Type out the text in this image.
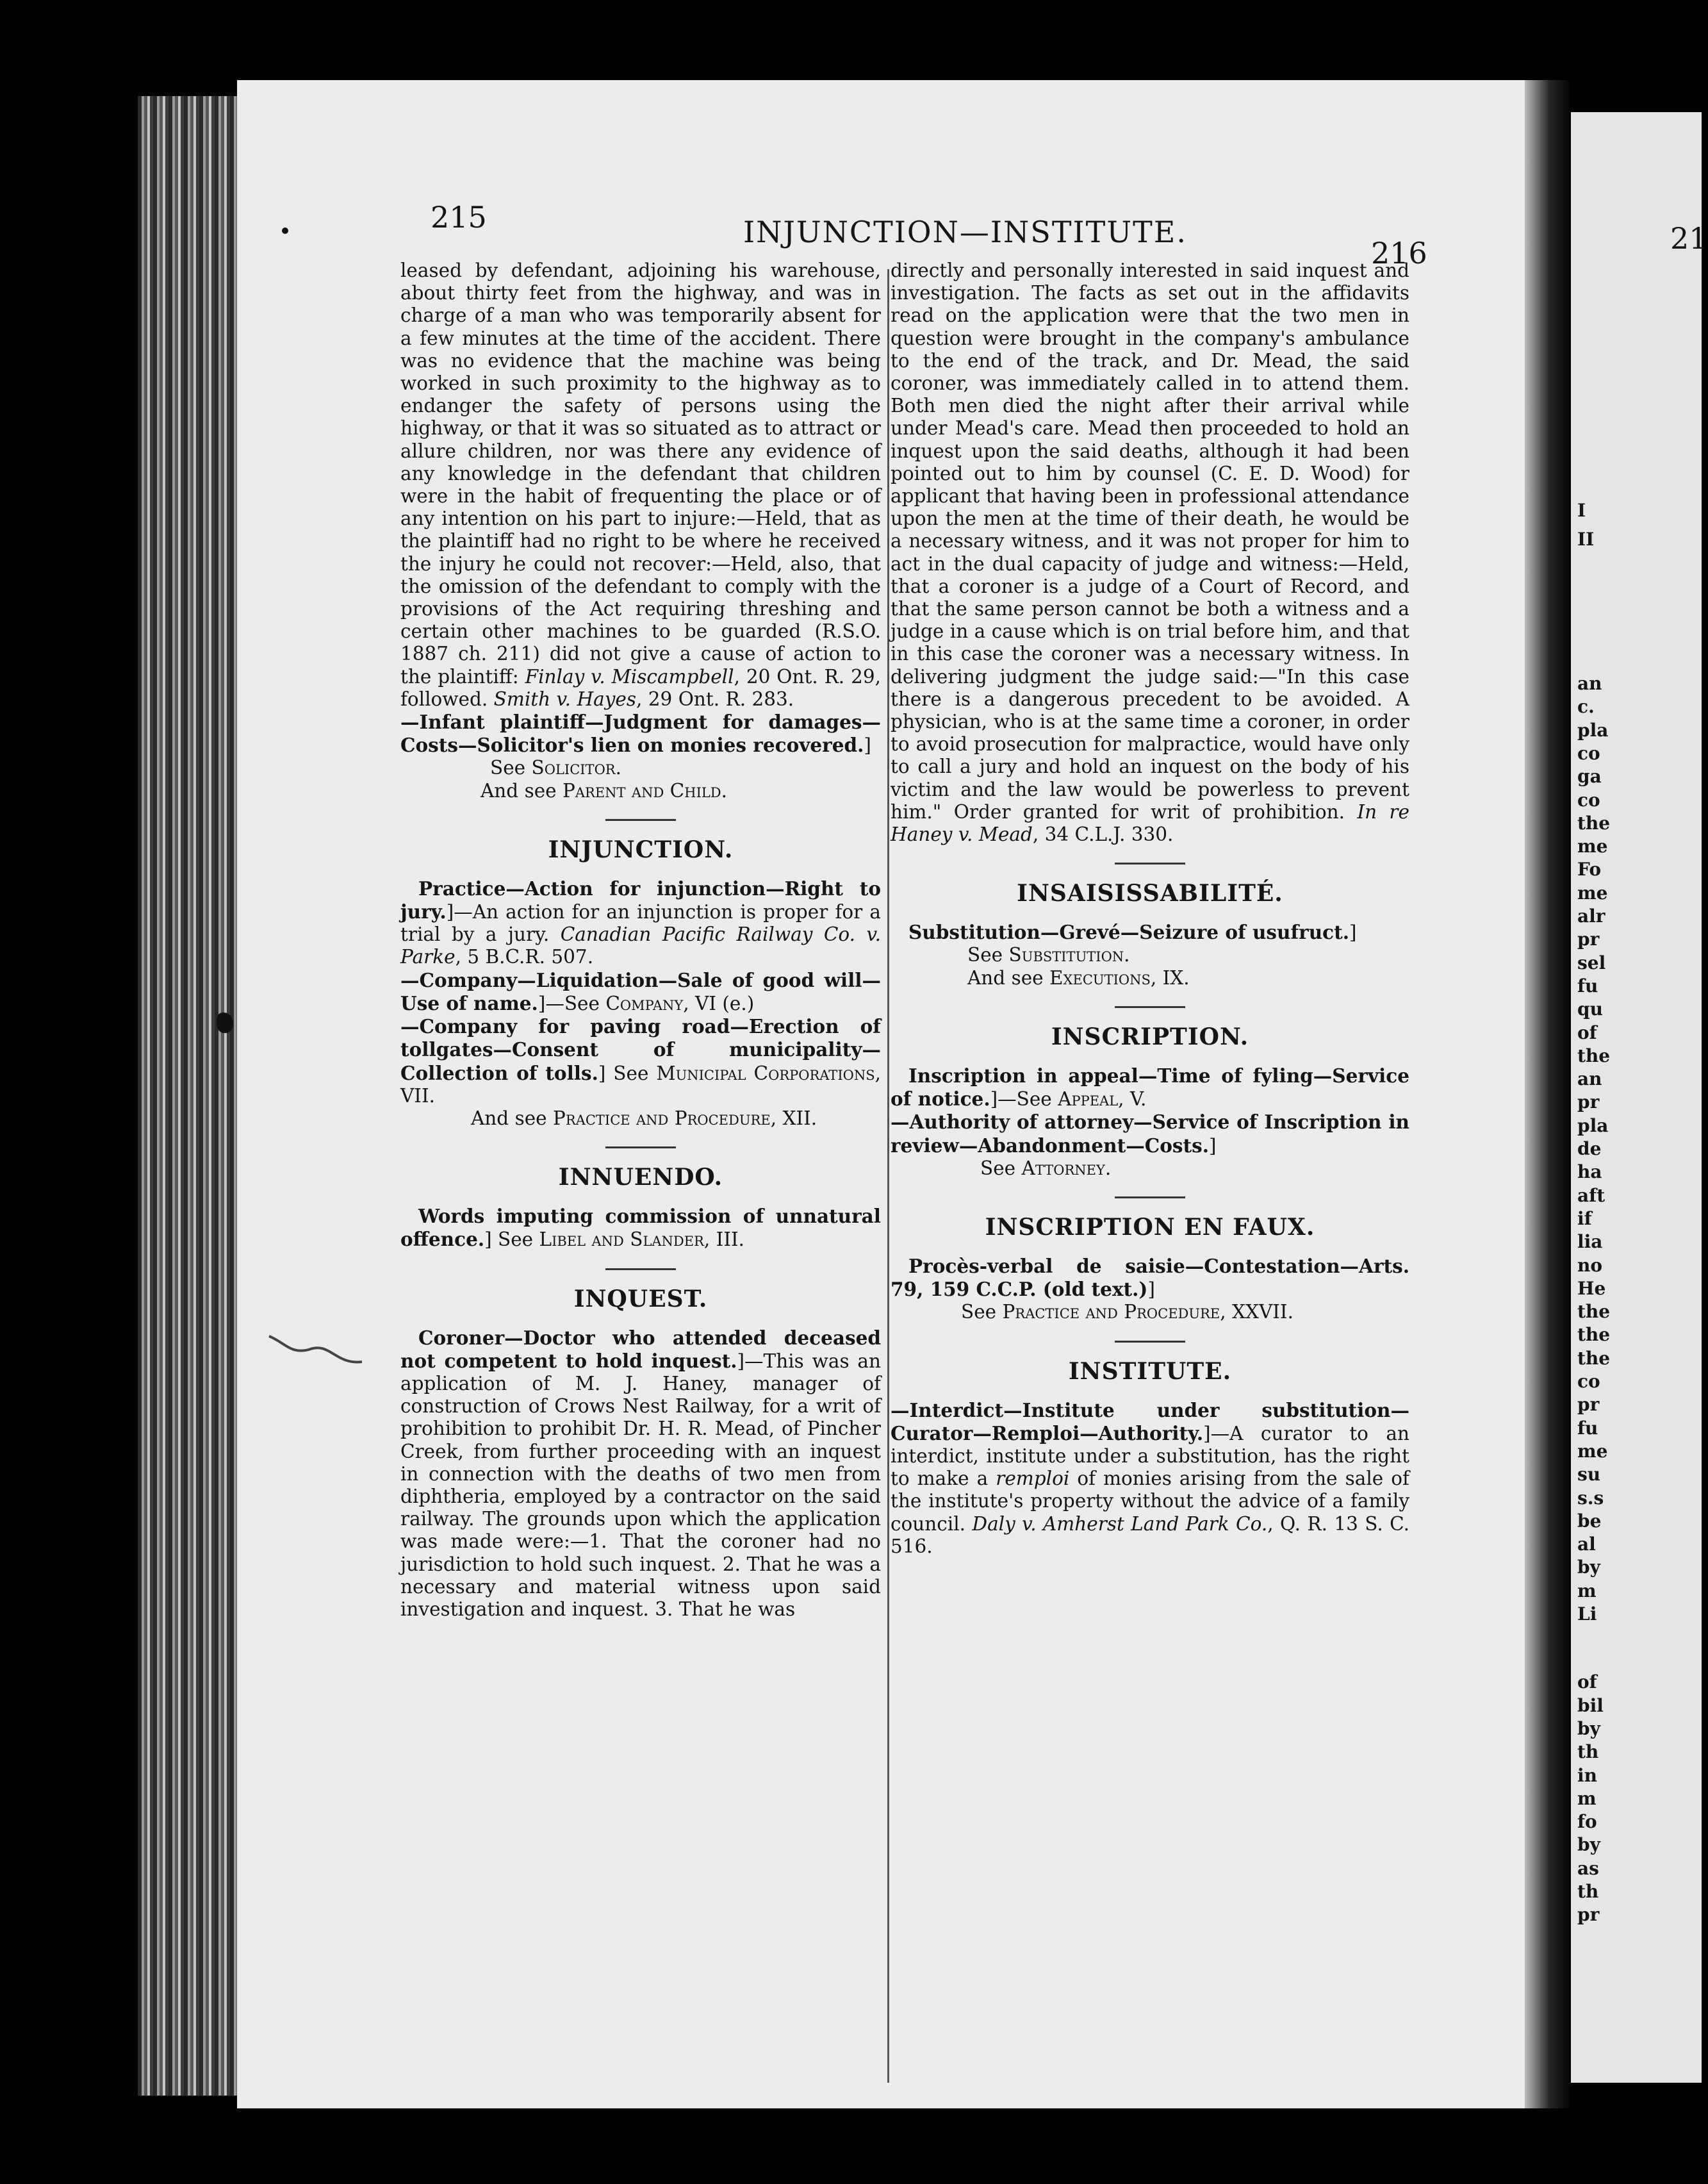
21
I
II
an
c.
pla
co
ga
co
the
me
Fo
me
alr
pr
sel
fu
qu
of
the
an
pr
pla
de
ha
aft
if
lia
no
He
the
the
the
co
pr
fu
me
su
s.s
be
al
by
m
Li
of
bil
by
th
in
m
fo
by
as
th
pr
215	INJUNCTION—INSTITUTE.
216

leased by defendant, adjoining his warehouse, about thirty feet from the highway, and was in charge of a man who was temporarily absent for a few minutes at the time of the accident. There was no evidence that the machine was being worked in such proximity to the highway as to endanger the safety of persons using the highway, or that it was so situated as to attract or allure children, nor was there any evidence of any knowledge in the defendant that children were in the habit of frequenting the place or of any intention on his part to injure:—Held, that as the plaintiff had no right to be where he received the injury he could not recover:—Held, also, that the omission of the defendant to comply with the provisions of the Act requiring threshing and certain other machines to be guarded (R.S.O. 1887 ch. 211) did not give a cause of action to the plaintiff: Finlay v. Miscampbell, 20 Ont. R. 29, followed. Smith v. Hayes, 29 Ont. R. 283.

—Infant plaintiff—Judgment for damages—Costs—Solicitor's lien on monies recovered.]

See Solicitor.

And see Parent and Child.

INJUNCTION.

Practice—Action for injunction—Right to jury.]—An action for an injunction is proper for a trial by a jury. Canadian Pacific Railway Co. v. Parke, 5 B.C.R. 507.

—Company—Liquidation—Sale of good will—Use of name.]—See Company, VI (e.)

—Company for paving road—Erection of tollgates—Consent of municipality—Collection of tolls.] See Municipal Corporations, VII.

And see Practice and Procedure, XII.

INNUENDO.

Words imputing commission of unnatural offence.] See Libel and Slander, III.

INQUEST.

Coroner—Doctor who attended deceased not competent to hold inquest.]—This was an application of M. J. Haney, manager of construction of Crows Nest Railway, for a writ of prohibition to prohibit Dr. H. R. Mead, of Pincher Creek, from further proceeding with an inquest in connection with the deaths of two men from diphtheria, employed by a contractor on the said railway. The grounds upon which the application was made were:—1. That the coroner had no jurisdiction to hold such inquest. 2. That he was a necessary and material witness upon said investigation and inquest. 3. That he was

directly and personally interested in said inquest and investigation. The facts as set out in the affidavits read on the application were that the two men in question were brought in the company's ambulance to the end of the track, and Dr. Mead, the said coroner, was immediately called in to attend them. Both men died the night after their arrival while under Mead's care. Mead then proceeded to hold an inquest upon the said deaths, although it had been pointed out to him by counsel (C. E. D. Wood) for applicant that having been in professional attendance upon the men at the time of their death, he would be a necessary witness, and it was not proper for him to act in the dual capacity of judge and witness:—Held, that a coroner is a judge of a Court of Record, and that the same person cannot be both a witness and a judge in a cause which is on trial before him, and that in this case the coroner was a necessary witness. In delivering judgment the judge said:—"In this case there is a dangerous precedent to be avoided. A physician, who is at the same time a coroner, in order to avoid prosecution for malpractice, would have only to call a jury and hold an inquest on the body of his victim and the law would be powerless to prevent him." Order granted for writ of prohibition. In re Haney v. Mead, 34 C.L.J. 330.

INSAISISSABILITÉ.

Substitution—Grevé—Seizure of usufruct.]

See Substitution.

And see Executions, IX.

INSCRIPTION.

Inscription in appeal—Time of fyling—Service of notice.]—See Appeal, V.

—Authority of attorney—Service of Inscription in review—Abandonment—Costs.]

See Attorney.

INSCRIPTION EN FAUX.

Procès-verbal de saisie—Contestation—Arts. 79, 159 C.C.P. (old text.)]

See Practice and Procedure, XXVII.

INSTITUTE.

—Interdict—Institute under substitution—Curator—Remploi—Authority.]—A curator to an interdict, institute under a substitution, has the right to make a remploi of monies arising from the sale of the institute's property without the advice of a family council. Daly v. Amherst Land Park Co., Q. R. 13 S. C. 516.
